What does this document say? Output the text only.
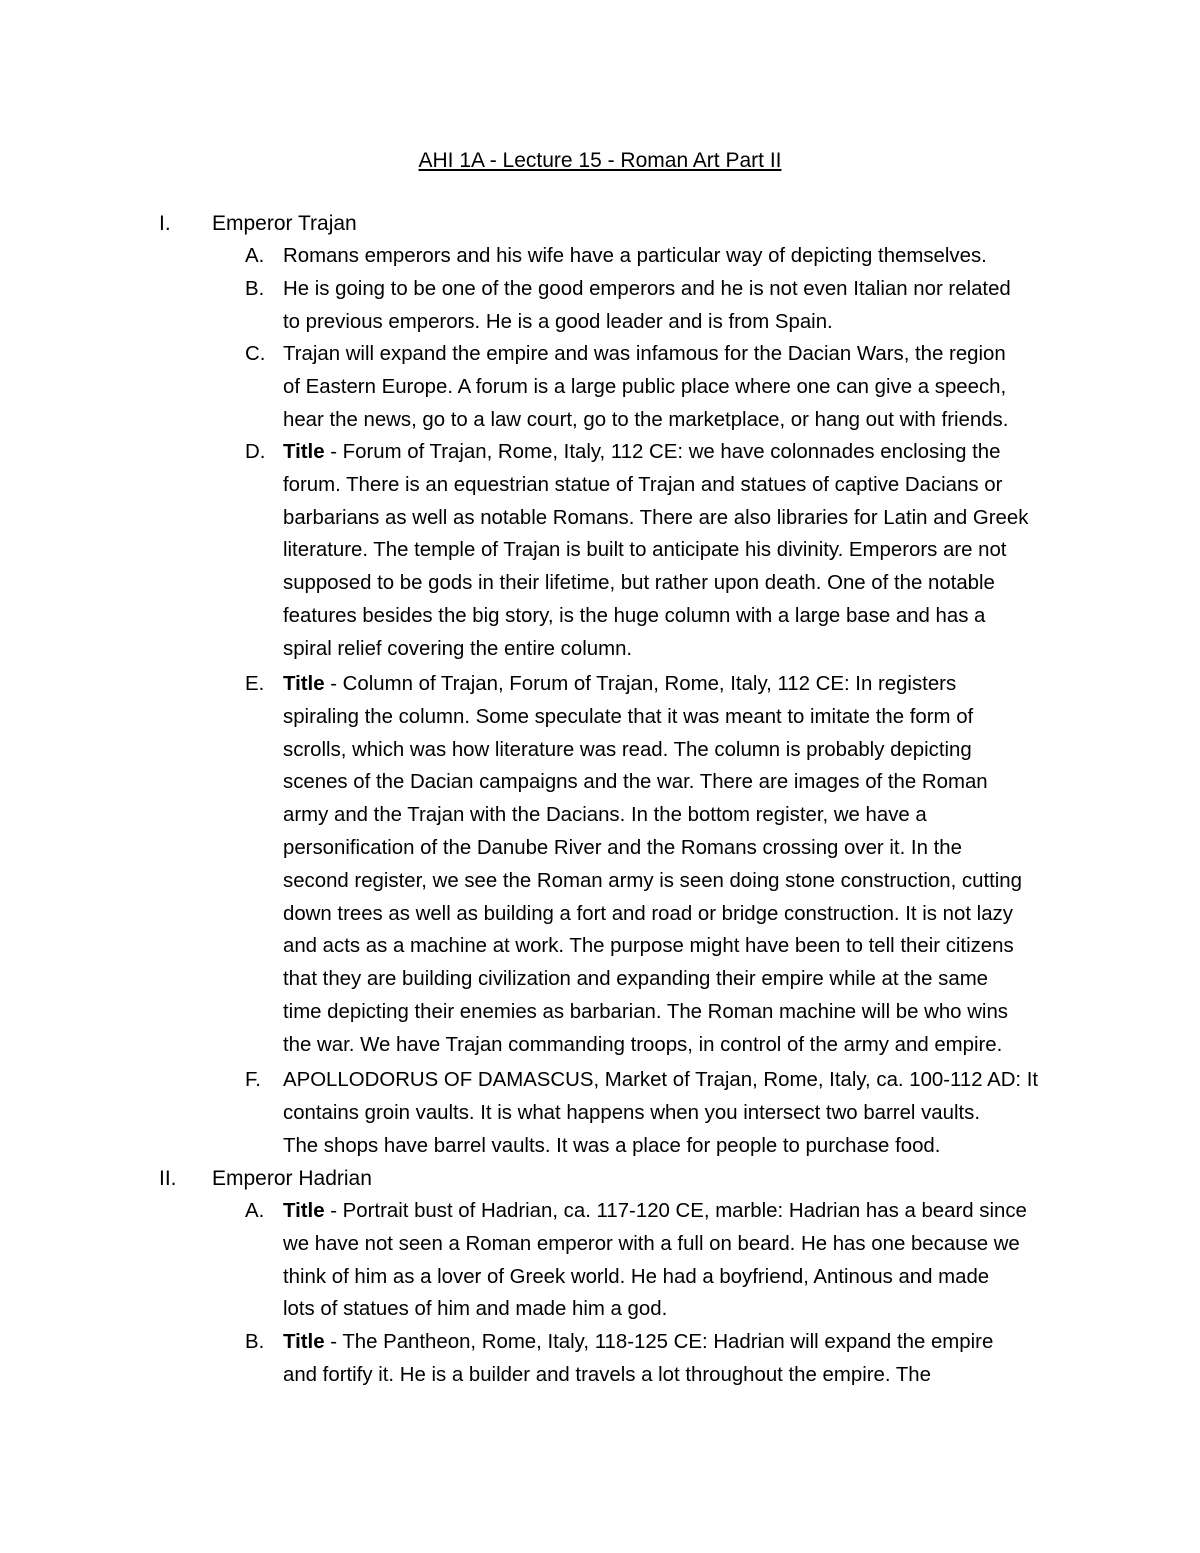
AHI 1A - Lecture 15 - Roman Art Part II
I.	Emperor Trajan
A. Romans emperors and his wife have a particular way of depicting themselves.
B. He is going to be one of the good emperors and he is not even Italian nor related
to previous emperors. He is a good leader and is from Spain.
C. Trajan will expand the empire and was infamous for the Dacian Wars, the region
of Eastern Europe. A forum is a large public place where one can give a speech,
hear the news, go to a law court, go to the marketplace, or hang out with friends.
D. Title - Forum of Trajan, Rome, Italy, 112 CE: we have colonnades enclosing the
forum. There is an equestrian statue of Trajan and statues of captive Dacians or
barbarians as well as notable Romans. There are also libraries for Latin and Greek
literature. The temple of Trajan is built to anticipate his divinity. Emperors are not
supposed to be gods in their lifetime, but rather upon death. One of the notable
features besides the big story, is the huge column with a large base and has a
spiral relief covering the entire column.
E. Title - Column of Trajan, Forum of Trajan, Rome, Italy, 112 CE: In registers
spiraling the column. Some speculate that it was meant to imitate the form of
scrolls, which was how literature was read. The column is probably depicting
scenes of the Dacian campaigns and the war. There are images of the Roman
army and the Trajan with the Dacians. In the bottom register, we have a
personification of the Danube River and the Romans crossing over it. In the
second register, we see the Roman army is seen doing stone construction, cutting
down trees as well as building a fort and road or bridge construction. It is not lazy
and acts as a machine at work. The purpose might have been to tell their citizens
that they are building civilization and expanding their empire while at the same
time depicting their enemies as barbarian. The Roman machine will be who wins
the war. We have Trajan commanding troops, in control of the army and empire.
F.	APOLLODORUS OF DAMASCUS, Market of Trajan, Rome, Italy, ca. 100-112 AD: It
contains groin vaults. It is what happens when you intersect two barrel vaults.
The shops have barrel vaults. It was a place for people to purchase food.
II.	Emperor Hadrian
A. Title - Portrait bust of Hadrian, ca. 117-120 CE, marble: Hadrian has a beard since
we have not seen a Roman emperor with a full on beard. He has one because we
think of him as a lover of Greek world. He had a boyfriend, Antinous and made
lots of statues of him and made him a god.
B. Title - The Pantheon, Rome, Italy, 118-125 CE: Hadrian will expand the empire
and fortify it. He is a builder and travels a lot throughout the empire. The
